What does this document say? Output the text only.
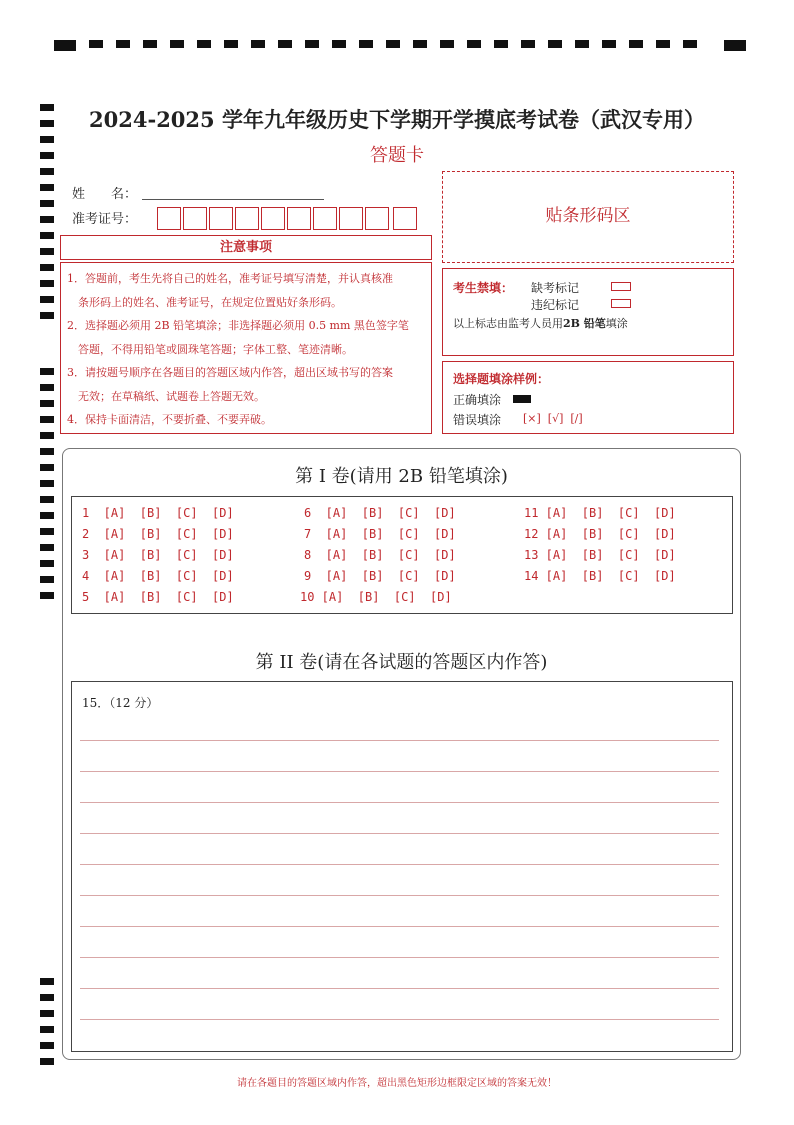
2024-2025 学年九年级历史下学期开学摸底考试卷（武汉专用）
答题卡
姓　　名：
准考证号：
注意事项
1．答题前，考生先将自己的姓名，准考证号填写清楚，并认真核准
　条形码上的姓名、准考证号，在规定位置贴好条形码。
2．选择题必须用 2B 铅笔填涂；非选择题必须用 0.5 mm 黑色签字笔
　答题，不得用铅笔或圆珠笔答题；字体工整、笔迹清晰。
3．请按题号顺序在各题目的答题区域内作答，超出区域书写的答案
　无效；在草稿纸、试题卷上答题无效。
4．保持卡面清洁，不要折叠、不要弄破。
贴条形码区
考生禁填： 缺考标记
违纪标记
以上标志由监考人员用2B 铅笔填涂
选择题填涂样例：
正确填涂
错误填涂 [×]  [√]  [/]
第 I 卷(请用 2B 铅笔填涂)
1  [A]  [B]  [C]  [D]
2  [A]  [B]  [C]  [D]
3  [A]  [B]  [C]  [D]
4  [A]  [B]  [C]  [D]
5  [A]  [B]  [C]  [D]
6  [A]  [B]  [C]  [D]
7  [A]  [B]  [C]  [D]
8  [A]  [B]  [C]  [D]
9  [A]  [B]  [C]  [D]
10 [A]  [B]  [C]  [D]
11 [A]  [B]  [C]  [D]
12 [A]  [B]  [C]  [D]
13 [A]  [B]  [C]  [D]
14 [A]  [B]  [C]  [D]
第 II 卷(请在各试题的答题区内作答)
15．（12 分）
请在各题目的答题区域内作答，超出黑色矩形边框限定区域的答案无效！
